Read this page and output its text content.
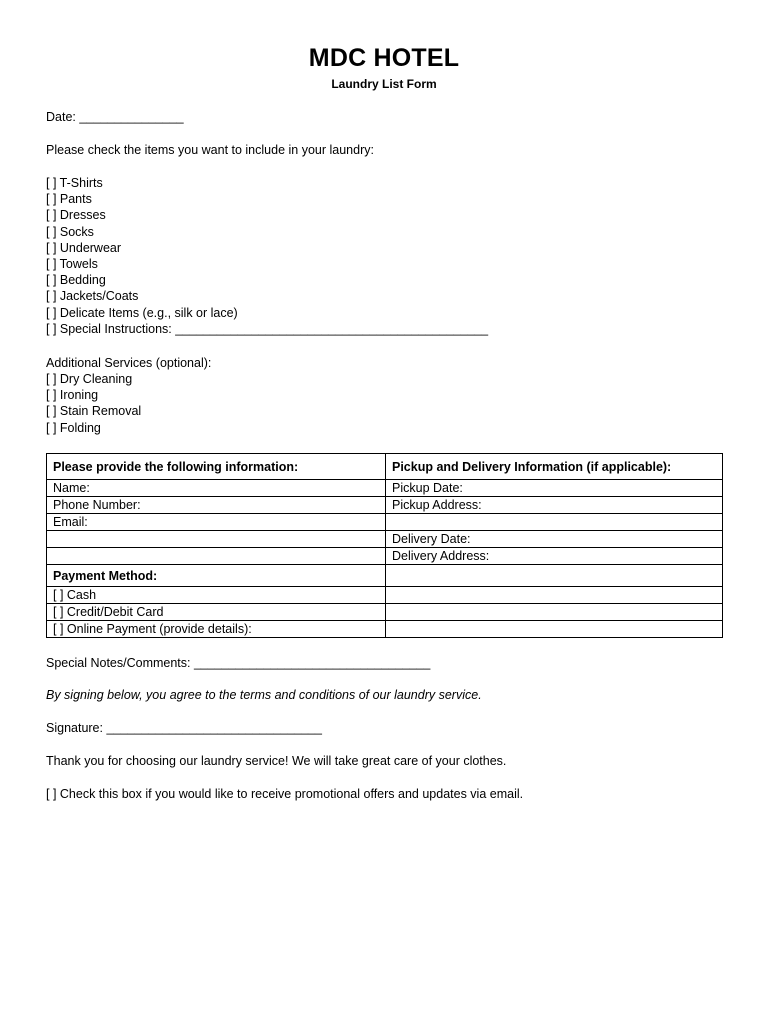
MDC HOTEL
Laundry List Form
Date: _______________
Please check the items you want to include in your laundry:
[ ] T-Shirts
[ ] Pants
[ ] Dresses
[ ] Socks
[ ] Underwear
[ ] Towels
[ ] Bedding
[ ] Jackets/Coats
[ ] Delicate Items (e.g., silk or lace)
[ ] Special Instructions: _____________________________________________
Additional Services (optional):
[ ] Dry Cleaning
[ ] Ironing
[ ] Stain Removal
[ ] Folding
Please provide the following information:	Pickup and Delivery Information (if applicable):
Name:	Pickup Date:
Phone Number:	Pickup Address:
Email:	
	Delivery Date:
	Delivery Address:
Payment Method:	
[ ] Cash	
[ ] Credit/Debit Card	
[ ] Online Payment (provide details):	
Special Notes/Comments: __________________________________
By signing below, you agree to the terms and conditions of our laundry service.
Signature: _______________________________
Thank you for choosing our laundry service! We will take great care of your clothes.
[ ] Check this box if you would like to receive promotional offers and updates via email.
